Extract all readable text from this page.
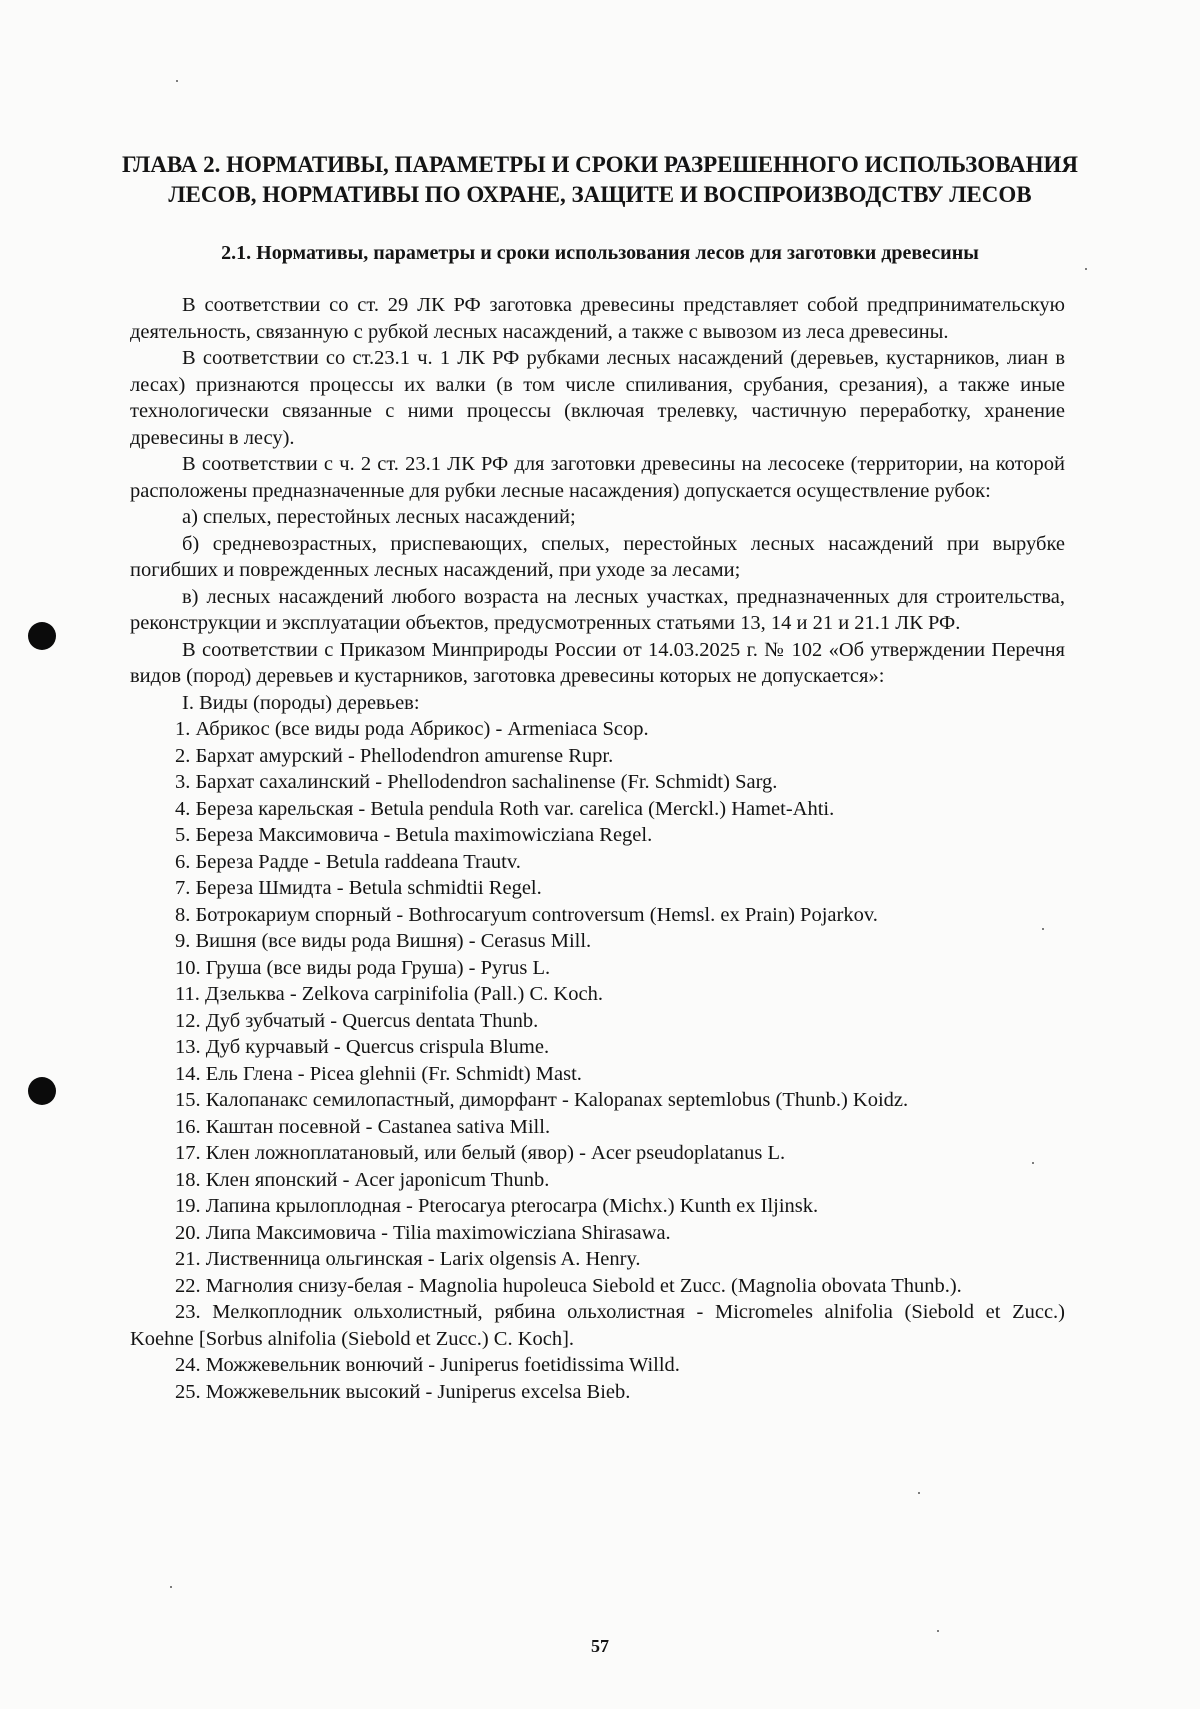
ГЛАВА 2. НОРМАТИВЫ, ПАРАМЕТРЫ И СРОКИ РАЗРЕШЕННОГО ИСПОЛЬЗОВАНИЯ
ЛЕСОВ, НОРМАТИВЫ ПО ОХРАНЕ, ЗАЩИТЕ И ВОСПРОИЗВОДСТВУ ЛЕСОВ
2.1. Нормативы, параметры и сроки использования лесов для заготовки древесины

В соответствии со ст. 29 ЛК РФ заготовка древесины представляет собой предпринимательскую деятельность, связанную с рубкой лесных насаждений, а также с вывозом из леса древесины.

В соответствии со ст.23.1 ч. 1 ЛК РФ рубками лесных насаждений (деревьев, кустарников, лиан в лесах) признаются процессы их валки (в том числе спиливания, срубания, срезания), а также иные технологически связанные с ними процессы (включая трелевку, частичную переработку, хранение древесины в лесу).

В соответствии с ч. 2 ст. 23.1 ЛК РФ для заготовки древесины на лесосеке (территории, на которой расположены предназначенные для рубки лесные насаждения) допускается осуществление рубок:

а) спелых, перестойных лесных насаждений;

б) средневозрастных, приспевающих, спелых, перестойных лесных насаждений при вырубке погибших и поврежденных лесных насаждений, при уходе за лесами;

в) лесных насаждений любого возраста на лесных участках, предназначенных для строительства, реконструкции и эксплуатации объектов, предусмотренных статьями 13, 14 и 21 и 21.1 ЛК РФ.

В соответствии с Приказом Минприроды России от 14.03.2025 г. № 102 «Об утверждении Перечня видов (пород) деревьев и кустарников, заготовка древесины которых не допускается»:

I. Виды (породы) деревьев:

1. Абрикос (все виды рода Абрикос) - Armeniaca Scop.
2. Бархат амурский - Phellodendron amurense Rupr.
3. Бархат сахалинский - Phellodendron sachalinense (Fr. Schmidt) Sarg.
4. Береза карельская - Betula pendula Roth var. carelica (Merckl.) Hamet-Ahti.
5. Береза Максимовича - Betula maximowicziana Regel.
6. Береза Радде - Betula raddeana Trautv.
7. Береза Шмидта - Betula schmidtii Regel.
8. Ботрокариум спорный - Bothrocaryum controversum (Hemsl. ex Prain) Pojarkov.
9. Вишня (все виды рода Вишня) - Cerasus Mill.
10. Груша (все виды рода Груша) - Pyrus L.
11. Дзельква - Zelkova carpinifolia (Pall.) C. Koch.
12. Дуб зубчатый - Quercus dentata Thunb.
13. Дуб курчавый - Quercus crispula Blume.
14. Ель Глена - Picea glehnii (Fr. Schmidt) Mast.
15. Калопанакс семилопастный, диморфант - Kalopanax septemlobus (Thunb.) Koidz.
16. Каштан посевной - Castanea sativa Mill.
17. Клен ложноплатановый, или белый (явор) - Acer pseudoplatanus L.
18. Клен японский - Acer japonicum Thunb.
19. Лапина крылоплодная - Pterocarya pterocarpa (Michx.) Kunth ex Iljinsk.
20. Липа Максимовича - Tilia maximowicziana Shirasawa.
21. Лиственница ольгинская - Larix olgensis A. Henry.
22. Магнолия снизу-белая - Magnolia hupoleuca Siebold et Zucc. (Magnolia obovata Thunb.).
23. Мелкоплодник ольхолистный, рябина ольхолистная - Micromeles alnifolia (Siebold et Zucc.) Koehne [Sorbus alnifolia (Siebold et Zucc.) C. Koch].
24. Можжевельник вонючий - Juniperus foetidissima Willd.
25. Можжевельник высокий - Juniperus excelsa Bieb.
57
